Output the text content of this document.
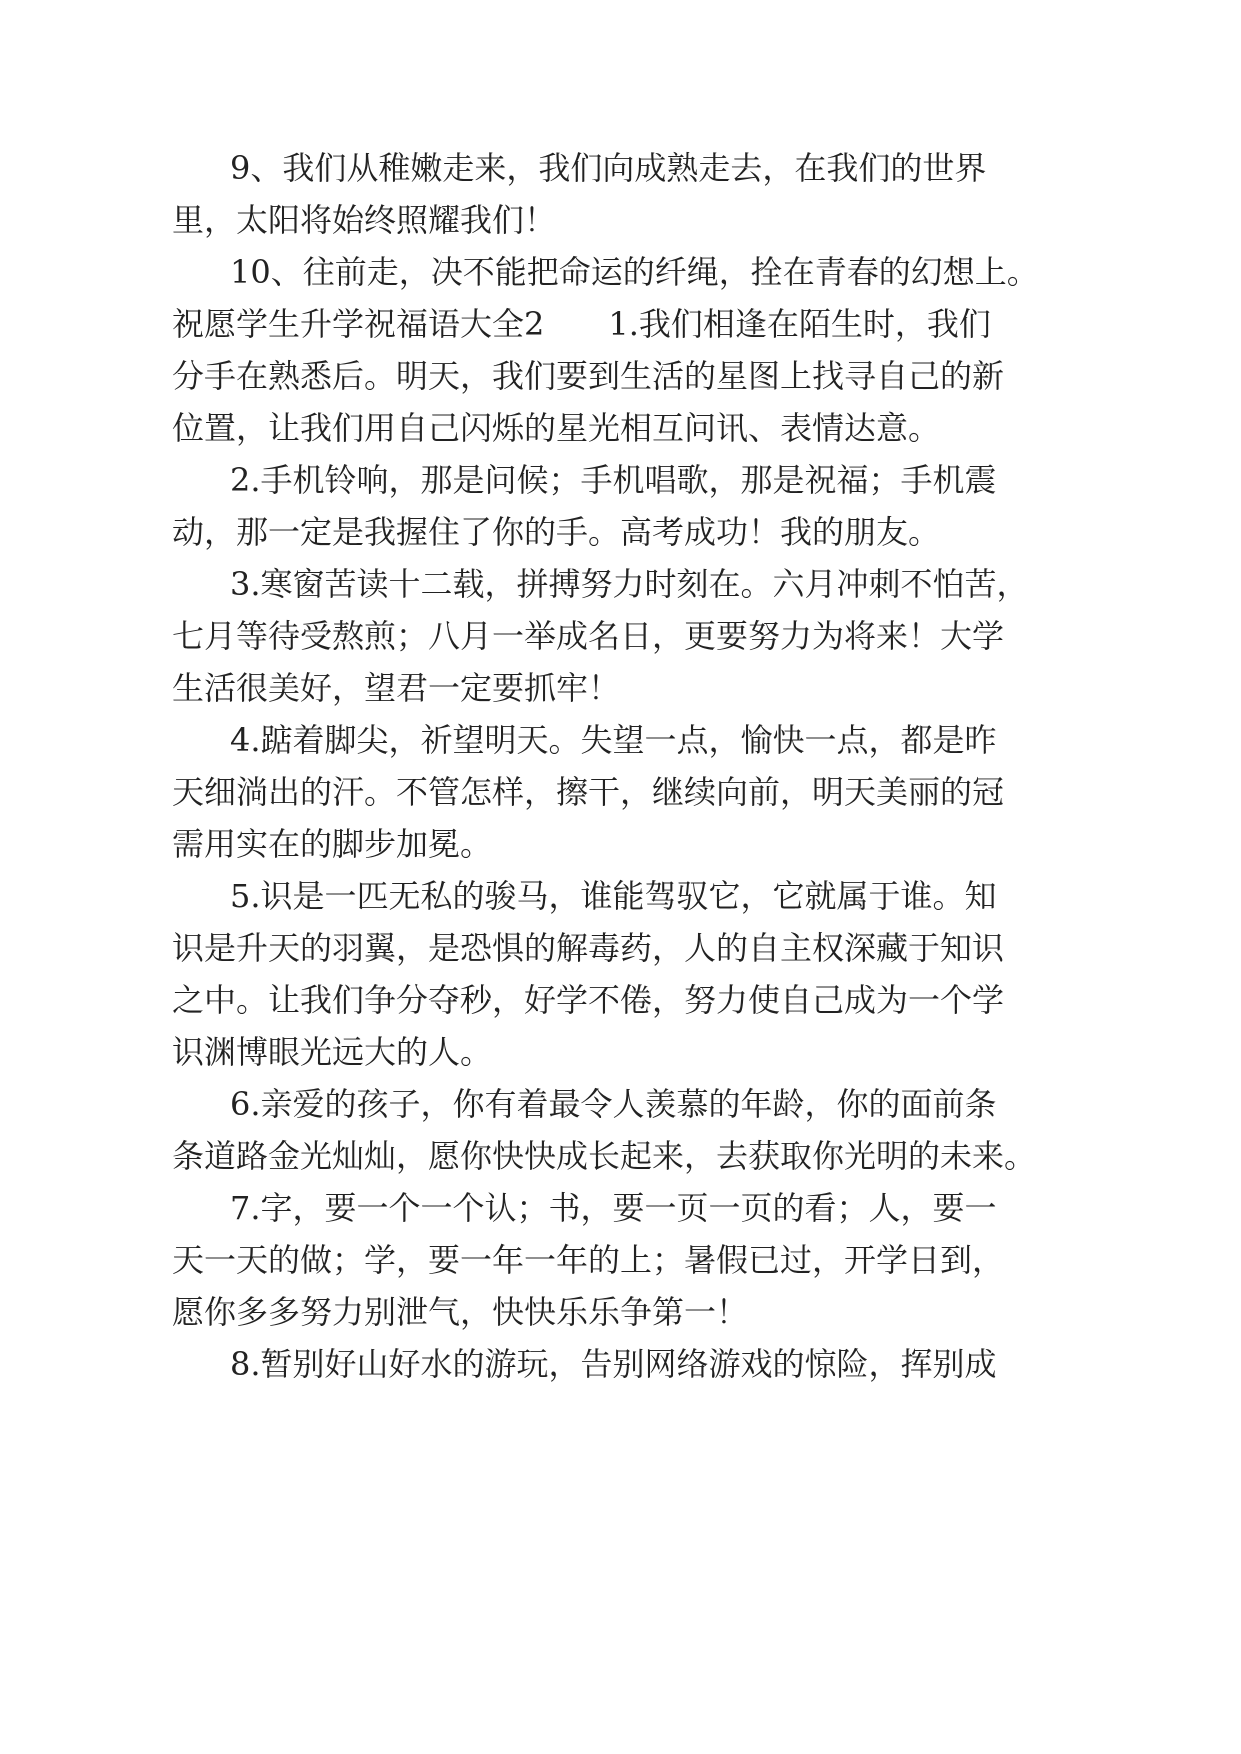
9、我们从稚嫩走来，我们向成熟走去，在我们的世界
里，太阳将始终照耀我们！
10、往前走，决不能把命运的纤绳，拴在青春的幻想上。
祝愿学生升学祝福语大全2　　1.我们相逢在陌生时，我们
分手在熟悉后。明天，我们要到生活的星图上找寻自己的新
位置，让我们用自己闪烁的星光相互问讯、表情达意。
2.手机铃响，那是问候；手机唱歌，那是祝福；手机震
动，那一定是我握住了你的手。高考成功！我的朋友。
3.寒窗苦读十二载，拼搏努力时刻在。六月冲刺不怕苦，
七月等待受熬煎；八月一举成名日，更要努力为将来！大学
生活很美好，望君一定要抓牢！
4.踮着脚尖，祈望明天。失望一点，愉快一点，都是昨
天细淌出的汗。不管怎样，擦干，继续向前，明天美丽的冠
需用实在的脚步加冕。
5.识是一匹无私的骏马，谁能驾驭它，它就属于谁。知
识是升天的羽翼，是恐惧的解毒药，人的自主权深藏于知识
之中。让我们争分夺秒，好学不倦，努力使自己成为一个学
识渊博眼光远大的人。
6.亲爱的孩子，你有着最令人羡慕的年龄，你的面前条
条道路金光灿灿，愿你快快成长起来，去获取你光明的未来。
7.字，要一个一个认；书，要一页一页的看；人，要一
天一天的做；学，要一年一年的上；暑假已过，开学日到，
愿你多多努力别泄气，快快乐乐争第一！
8.暂别好山好水的游玩，告别网络游戏的惊险，挥别成
